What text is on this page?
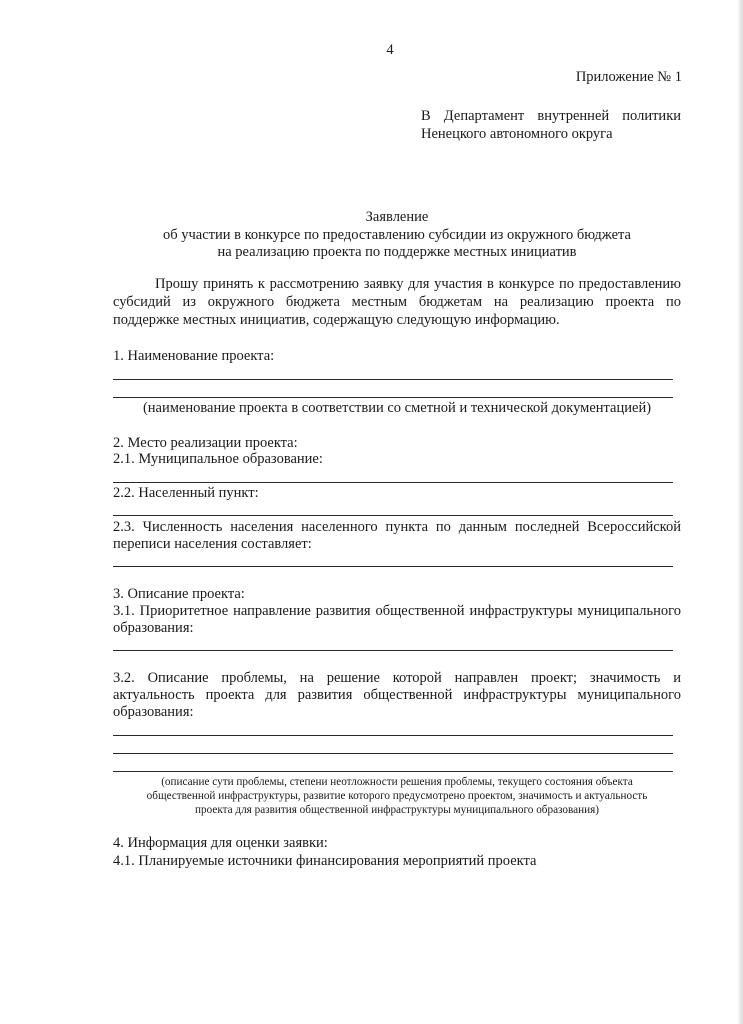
4
Приложение № 1
В Департамент внутренней политики
Ненецкого автономного округа
Заявление
об участии в конкурсе по предоставлению субсидии из окружного бюджета
на реализацию проекта по поддержке местных инициатив
Прошу принять к рассмотрению заявку для участия в конкурсе по предоставлению
субсидий из окружного бюджета местным бюджетам на реализацию проекта по
поддержке местных инициатив, содержащую следующую информацию.
1. Наименование проекта:
(наименование проекта в соответствии со сметной и технической документацией)
2. Место реализации проекта:
2.1. Муниципальное образование:
2.2. Населенный пункт:
2.3. Численность населения населенного пункта по данным последней Всероссийской
переписи населения составляет:
3. Описание проекта:
3.1. Приоритетное направление развития общественной инфраструктуры муниципального
образования:
3.2. Описание проблемы, на решение которой направлен проект; значимость и
актуальность проекта для развития общественной инфраструктуры муниципального
образования:
(описание сути проблемы, степени неотложности решения проблемы, текущего состояния объекта
общественной инфраструктуры, развитие которого предусмотрено проектом, значимость и актуальность
проекта для развития общественной инфраструктуры муниципального образования)
4. Информация для оценки заявки:
4.1. Планируемые источники финансирования мероприятий проекта
